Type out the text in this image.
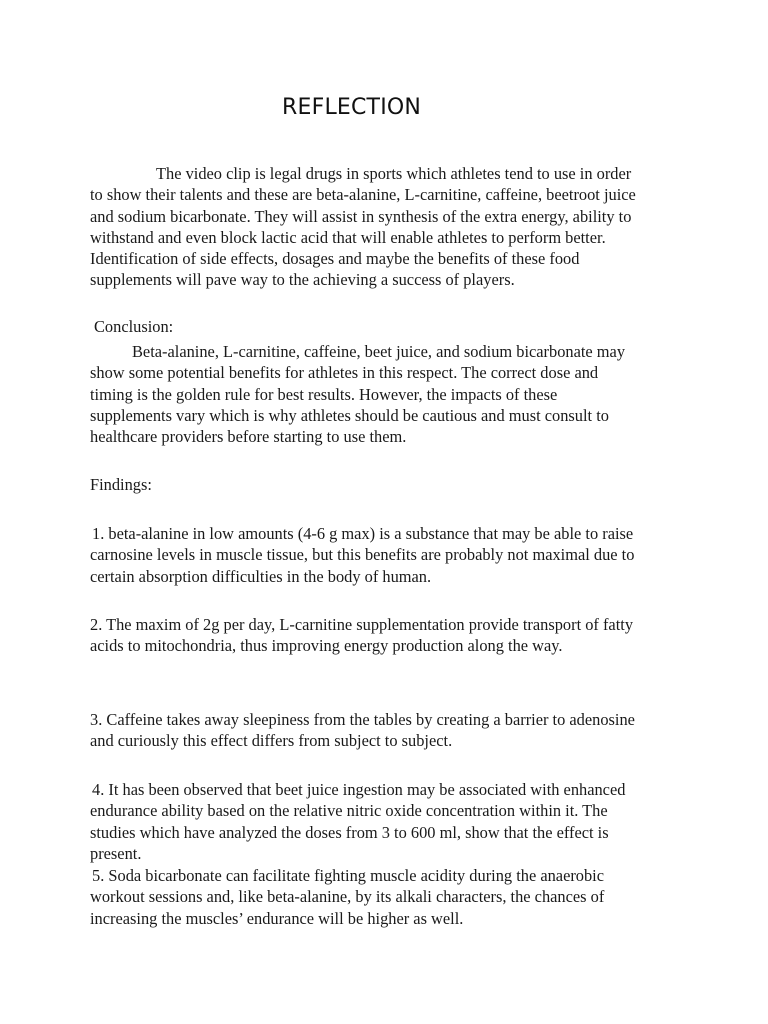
REFLECTION
The video clip is legal drugs in sports which athletes tend to use in order
to show their talents and these are beta-alanine, L-carnitine, caffeine, beetroot juice
and sodium bicarbonate. They will assist in synthesis of the extra energy, ability to
withstand and even block lactic acid that will enable athletes to perform better.
Identification of side effects, dosages and maybe the benefits of these food
supplements will pave way to the achieving a success of players.
Conclusion:
Beta-alanine, L-carnitine, caffeine, beet juice, and sodium bicarbonate may
show some potential benefits for athletes in this respect. The correct dose and
timing is the golden rule for best results. However, the impacts of these
supplements vary which is why athletes should be cautious and must consult to
healthcare providers before starting to use them.
Findings:
1. beta-alanine in low amounts (4-6 g max) is a substance that may be able to raise
carnosine levels in muscle tissue, but this benefits are probably not maximal due to
certain absorption difficulties in the body of human.
2. The maxim of 2g per day, L-carnitine supplementation provide transport of fatty
acids to mitochondria, thus improving energy production along the way.
3. Caffeine takes away sleepiness from the tables by creating a barrier to adenosine
and curiously this effect differs from subject to subject.
4. It has been observed that beet juice ingestion may be associated with enhanced
endurance ability based on the relative nitric oxide concentration within it. The
studies which have analyzed the doses from 3 to 600 ml, show that the effect is
present.
5. Soda bicarbonate can facilitate fighting muscle acidity during the anaerobic
workout sessions and, like beta-alanine, by its alkali characters, the chances of
increasing the muscles’ endurance will be higher as well.
